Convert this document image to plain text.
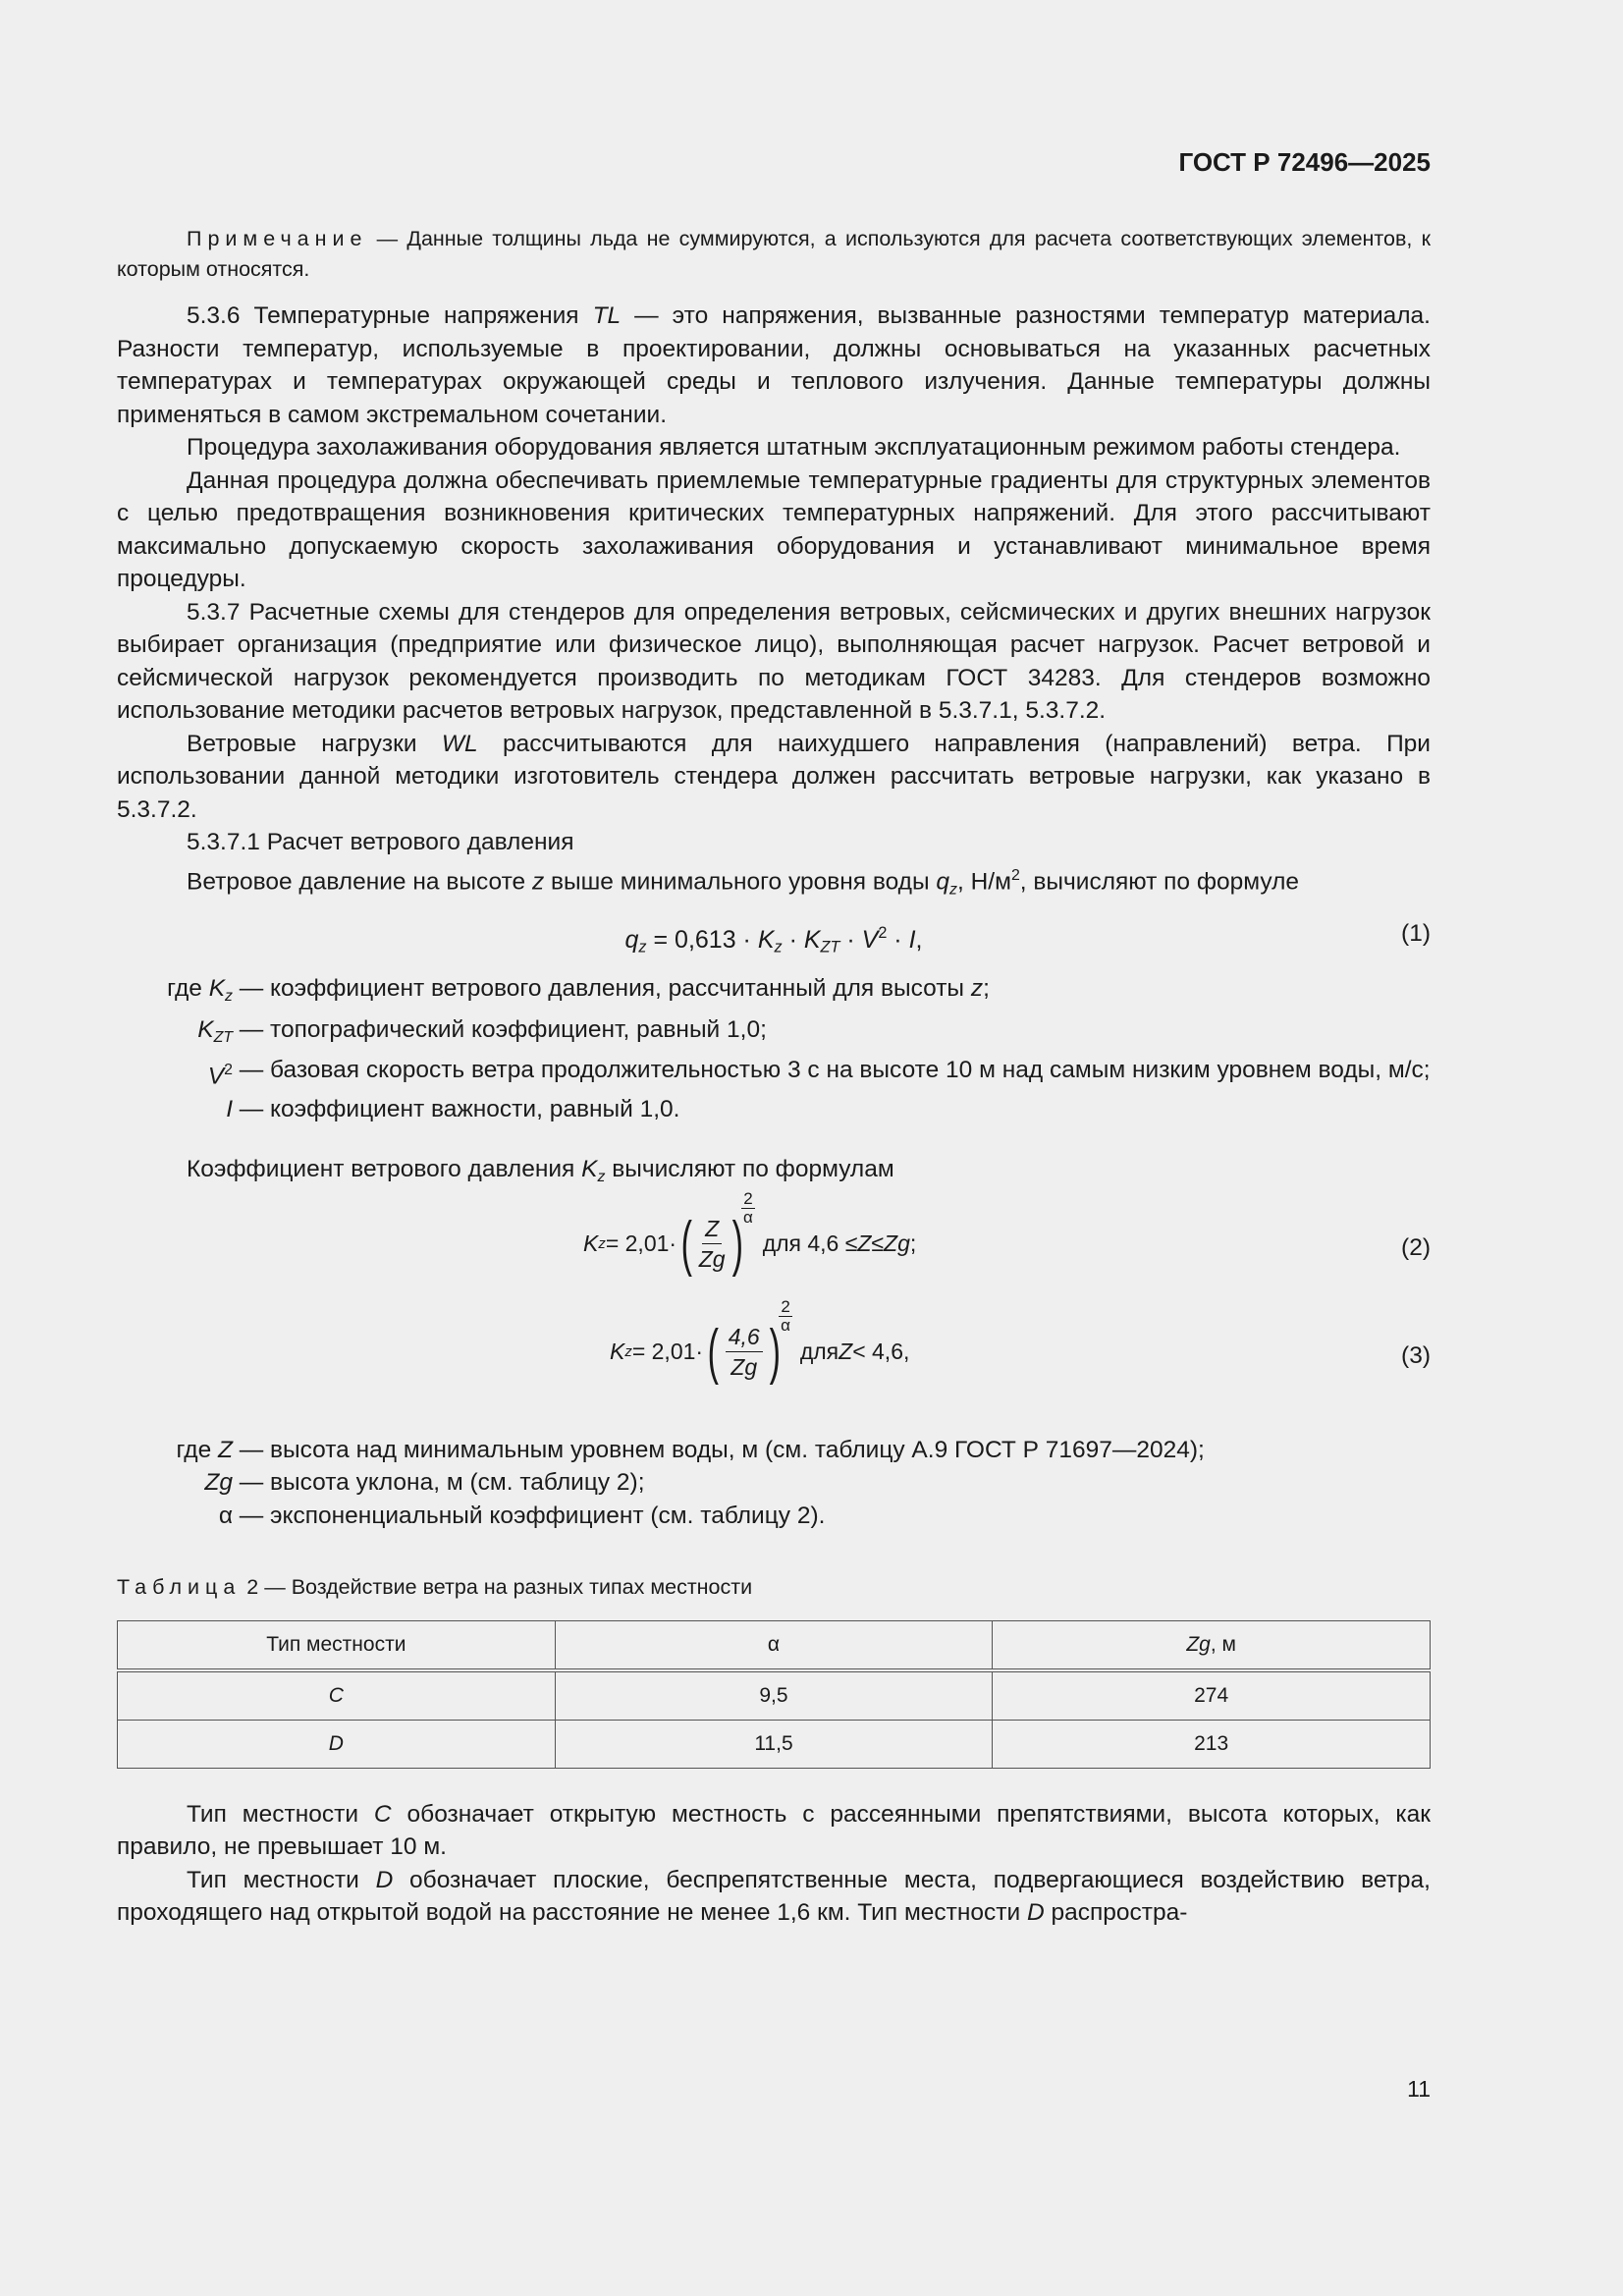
ГОСТ Р 72496—2025
Примечание — Данные толщины льда не суммируются, а используются для расчета соответствующих элементов, к которым относятся.

5.3.6 Температурные напряжения TL — это напряжения, вызванные разностями температур материала. Разности температур, используемые в проектировании, должны основываться на указанных расчетных температурах и температурах окружающей среды и теплового излучения. Данные температуры должны применяться в самом экстремальном сочетании.

Процедура захолаживания оборудования является штатным эксплуатационным режимом работы стендера.

Данная процедура должна обеспечивать приемлемые температурные градиенты для структурных элементов с целью предотвращения возникновения критических температурных напряжений. Для этого рассчитывают максимально допускаемую скорость захолаживания оборудования и устанавливают минимальное время процедуры.

5.3.7 Расчетные схемы для стендеров для определения ветровых, сейсмических и других внешних нагрузок выбирает организация (предприятие или физическое лицо), выполняющая расчет нагрузок. Расчет ветровой и сейсмической нагрузок рекомендуется производить по методикам ГОСТ 34283. Для стендеров возможно использование методики расчетов ветровых нагрузок, представленной в 5.3.7.1, 5.3.7.2.

Ветровые нагрузки WL рассчитываются для наихудшего направления (направлений) ветра. При использовании данной методики изготовитель стендера должен рассчитать ветровые нагрузки, как указано в 5.3.7.2.

5.3.7.1 Расчет ветрового давления

Ветровое давление на высоте z выше минимального уровня воды $q_z$, $Н/м^2$, вычисляют по формуле

$q_z = 0,613 \cdot K_z \cdot K_{ZT} \cdot V^2 \cdot I$,	(1)
где $K_z$ — коэффициент ветрового давления, рассчитанный для высоты z;
$K_{ZT}$ — топографический коэффициент, равный 1,0;
$V^2$ — базовая скорость ветра продолжительностью 3 с на высоте 10 м над самым низким уровнем воды, м/с;
I — коэффициент важности, равный 1,0.

Коэффициент ветрового давления $K_z$ вычисляют по формулам

K z = 2,01· ( $\frac{Z}{Zg}$ )
2
α
для 4,6 ≤ Z ≤ Zg ;	(2)
K z = 2,01· ( $\frac{4,6}{Zg}$ )
2
α
для Z < 4,6,	(3)
где Z — высота над минимальным уровнем воды, м (см. таблицу А.9 ГОСТ Р 71697—2024);
Zg — высота уклона, м (см. таблицу 2);
α — экспоненциальный коэффициент (см. таблицу 2).
Таблица 2 — Воздействие ветра на разных типах местности
Тип местности	α	Zg, м
C	9,5	274
D	11,5	213

Тип местности C обозначает открытую местность с рассеянными препятствиями, высота которых, как правило, не превышает 10 м.

Тип местности D обозначает плоские, беспрепятственные места, подвергающиеся воздействию ветра, проходящего над открытой водой на расстояние не менее 1,6 км. Тип местности D распростра-

11
